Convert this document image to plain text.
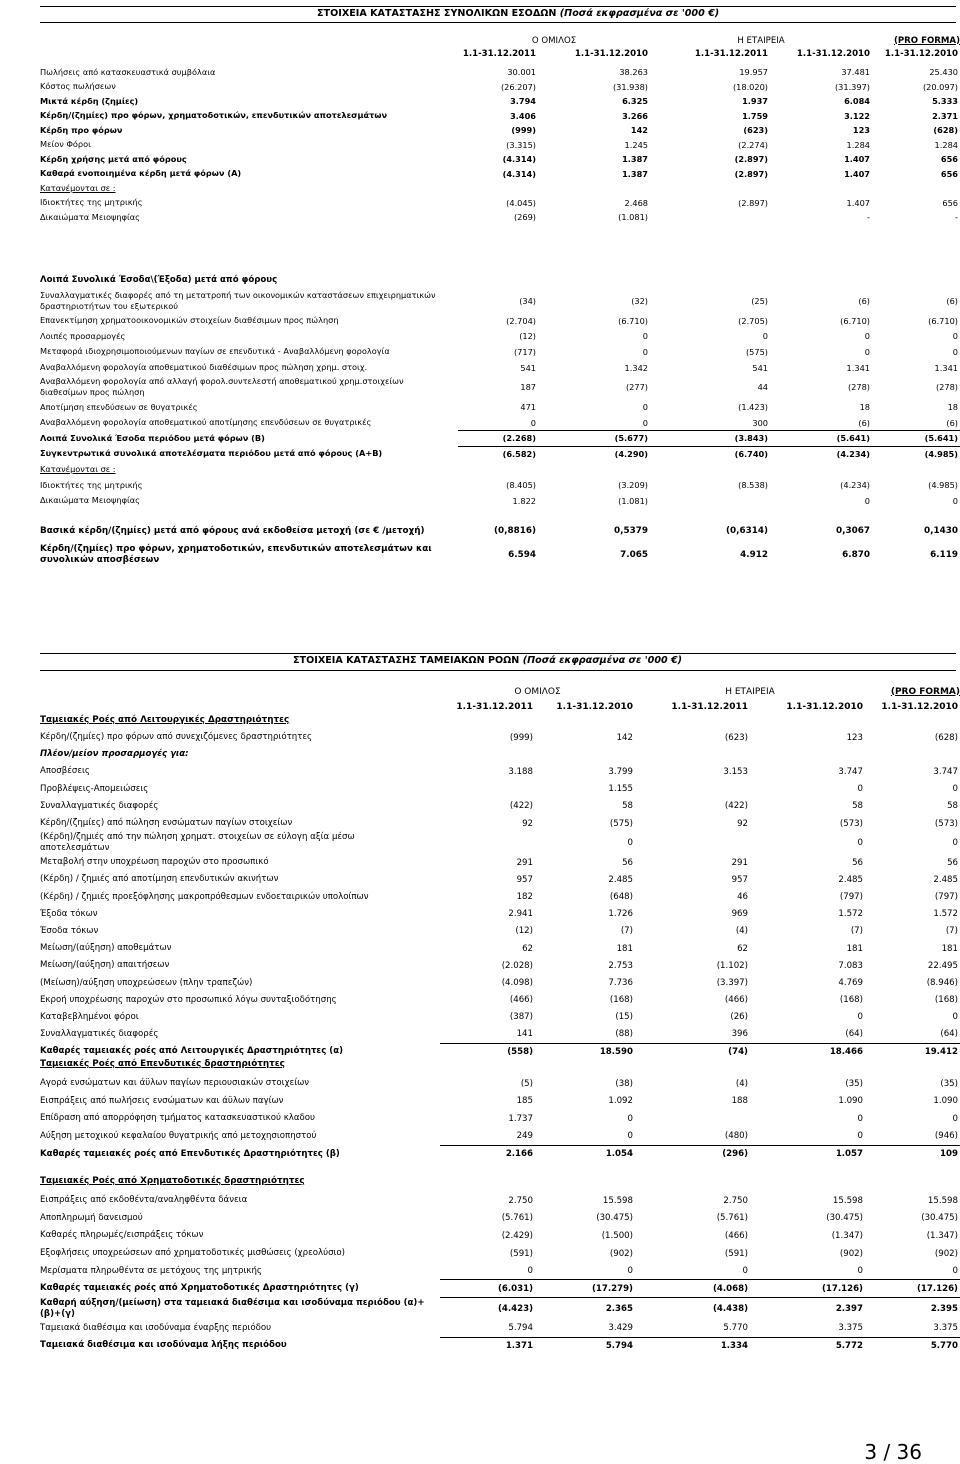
ΣΤΟΙΧΕΙΑ ΚΑΤΑΣΤΑΣΗΣ ΣΥΝΟΛΙΚΩΝ ΕΣΟΔΩΝ (Ποσά εκφρασμένα σε '000 €)
	Ο ΟΜΙΛΟΣ		Η ΕΤΑΙΡΕΙΑ		(PRO FORMA)
	1.1-31.12.2011	1.1-31.12.2010	1.1-31.12.2011	1.1-31.12.2010	1.1-31.12.2010
Πωλήσεις από κατασκευαστικά συμβόλαια	30.001	38.263	19.957	37.481	25.430
Κόστος πωλήσεων	(26.207)	(31.938)	(18.020)	(31.397)	(20.097)
Μικτά κέρδη (ζημίες)	3.794	6.325	1.937	6.084	5.333
Κέρδη/(ζημίες) προ φόρων, χρηματοδοτικών, επενδυτικών αποτελεσμάτων	3.406	3.266	1.759	3.122	2.371
Κέρδη προ φόρων	(999)	142	(623)	123	(628)
Μείον Φόροι	(3.315)	1.245	(2.274)	1.284	1.284
Κέρδη χρήσης μετά από φόρους	(4.314)	1.387	(2.897)	1.407	656
Καθαρά ενοποιημένα κέρδη μετά φόρων (Α)	(4.314)	1.387	(2.897)	1.407	656
Κατανέμονται σε :					
Ιδιοκτήτες της μητρικής	(4.045)	2.468	(2.897)	1.407	656
Δικαιώματα Μειοψηφίας	(269)	(1.081)		-	-
Λοιπά Συνολικά Έσοδα\(Έξοδα) μετά από φόρους
Συναλλαγματικές διαφορές από τη μετατροπή των οικονομικών καταστάσεων επιχειρηματικών δραστηριοτήτων του εξωτερικού	(34)	(32)	(25)	(6)	(6)
Επανεκτίμηση χρηματοοικονομικών στοιχείων διαθέσιμων προς πώληση	(2.704)	(6.710)	(2.705)	(6.710)	(6.710)
Λοιπές προσαρμογές	(12)	0	0	0	0
Μεταφορά ιδιοχρησιμοποιούμενων παγίων σε επενδυτικά - Αναβαλλόμενη φορολογία	(717)	0	(575)	0	0
Αναβαλλόμενη φορολογία αποθεματικού διαθέσιμων προς πώληση χρημ. στοιχ.	541	1.342	541	1.341	1.341
Αναβαλλόμενη φορολογία από αλλαγή φορολ.συντελεστή αποθεματικού χρημ.στοιχείων διαθεσίμων προς πώληση	187	(277)	44	(278)	(278)
Αποτίμηση επενδύσεων σε θυγατρικές	471	0	(1.423)	18	18
Αναβαλλόμενη φορολογία αποθεματικού αποτίμησης επενδύσεων σε θυγατρικές	0	0	300	(6)	(6)
Λοιπά Συνολικά Έσοδα περιόδου μετά φόρων (Β)	(2.268)	(5.677)	(3.843)	(5.641)	(5.641)
Συγκεντρωτικά συνολικά αποτελέσματα περιόδου μετά από φόρους (Α+Β)	(6.582)	(4.290)	(6.740)	(4.234)	(4.985)
Κατανέμονται σε :					
Ιδιοκτήτες της μητρικής	(8.405)	(3.209)	(8.538)	(4.234)	(4.985)
Δικαιώματα Μειοψηφίας	1.822	(1.081)		0	0
Βασικά κέρδη/(ζημίες) μετά από φόρους ανά εκδοθείσα μετοχή (σε € /μετοχή)	(0,8816)	0,5379	(0,6314)	0,3067	0,1430
Κέρδη/(ζημίες) προ φόρων, χρηματοδοτικών, επενδυτικών αποτελεσμάτων και συνολικών αποσβέσεων	6.594	7.065	4.912	6.870	6.119
ΣΤΟΙΧΕΙΑ ΚΑΤΑΣΤΑΣΗΣ ΤΑΜΕΙΑΚΩΝ ΡΟΩΝ (Ποσά εκφρασμένα σε '000 €)
	Ο ΟΜΙΛΟΣ		Η ΕΤΑΙΡΕΙΑ		(PRO FORMA)
	1.1-31.12.2011	1.1-31.12.2010	1.1-31.12.2011	1.1-31.12.2010	1.1-31.12.2010
Ταμειακές Ροές από Λειτουργικές Δραστηριότητες
Κέρδη/(ζημίες) προ φόρων από συνεχιζόμενες δραστηριότητες	(999)	142	(623)	123	(628)
Πλέον/μείον προσαρμογές για:					
Αποσβέσεις	3.188	3.799	3.153	3.747	3.747
Προβλέψεις-Απομειώσεις		1.155		0	0
Συναλλαγματικές διαφορές	(422)	58	(422)	58	58
Κέρδη/(ζημίες) από πώληση ενσώματων παγίων στοιχείων	92	(575)	92	(573)	(573)
(Κέρδη)/ζημιές από την πώληση χρηματ. στοιχείων σε εύλογη αξία μέσω αποτελεσμάτων		0		0	0
Μεταβολή στην υποχρέωση παροχών στο προσωπικό	291	56	291	56	56
(Κέρδη) / ζημιές από αποτίμηση επενδυτικών ακινήτων	957	2.485	957	2.485	2.485
(Κέρδη) / ζημιές προεξόφλησης μακροπρόθεσμων ενδοεταιρικών υπολοίπων	182	(648)	46	(797)	(797)
Έξοδα τόκων	2.941	1.726	969	1.572	1.572
Έσοδα τόκων	(12)	(7)	(4)	(7)	(7)
Μείωση/(αύξηση) αποθεμάτων	62	181	62	181	181
Μείωση/(αύξηση) απαιτήσεων	(2.028)	2.753	(1.102)	7.083	22.495
(Μείωση)/αύξηση υποχρεώσεων (πλην τραπεζών)	(4.098)	7.736	(3.397)	4.769	(8.946)
Εκροή υποχρέωσης παροχών στο προσωπικό λόγω συνταξιοδότησης	(466)	(168)	(466)	(168)	(168)
Καταβεβλημένοι φόροι	(387)	(15)	(26)	0	0
Συναλλαγματικές διαφορές	141	(88)	396	(64)	(64)
Καθαρές ταμειακές ροές από Λειτουργικές Δραστηριότητες (α)	(558)	18.590	(74)	18.466	19.412
Ταμειακές Ροές από Επενδυτικές δραστηριότητες
Αγορά ενσώματων και άϋλων παγίων περιουσιακών στοιχείων	(5)	(38)	(4)	(35)	(35)
Εισπράξεις από πωλήσεις ενσώματων και άϋλων παγίων	185	1.092	188	1.090	1.090
Επίδραση από απορρόφηση τμήματος κατασκευαστικού κλαδου	1.737	0		0	0
Αύξηση μετοχικού κεφαλαίου θυγατρικής από μετοχησιοπηστού	249	0	(480)	0	(946)
Καθαρές ταμειακές ροές από Επενδυτικές Δραστηριότητες (β)	2.166	1.054	(296)	1.057	109
Ταμειακές Ροές από Χρηματοδοτικές δραστηριότητες
Εισπράξεις από εκδοθέντα/αναληφθέντα δάνεια	2.750	15.598	2.750	15.598	15.598
Αποπληρωμή δανεισμού	(5.761)	(30.475)	(5.761)	(30.475)	(30.475)
Καθαρές πληρωμές/εισπράξεις τόκων	(2.429)	(1.500)	(466)	(1.347)	(1.347)
Εξοφλήσεις υποχρεώσεων από χρηματοδοτικές μισθώσεις (χρεολύσιο)	(591)	(902)	(591)	(902)	(902)
Μερίσματα πληρωθέντα σε μετόχους της μητρικής	0	0	0	0	0
Καθαρές ταμειακές ροές από Χρηματοδοτικές Δραστηριότητες (γ)	(6.031)	(17.279)	(4.068)	(17.126)	(17.126)
Καθαρή αύξηση/(μείωση) στα ταμειακά διαθέσιμα και ισοδύναμα περιόδου (α)+(β)+(γ)	(4.423)	2.365	(4.438)	2.397	2.395
Ταμειακά διαθέσιμα και ισοδύναμα έναρξης περιόδου	5.794	3.429	5.770	3.375	3.375
Ταμειακά διαθέσιμα και ισοδύναμα λήξης περιόδου	1.371	5.794	1.334	5.772	5.770
3 / 36
